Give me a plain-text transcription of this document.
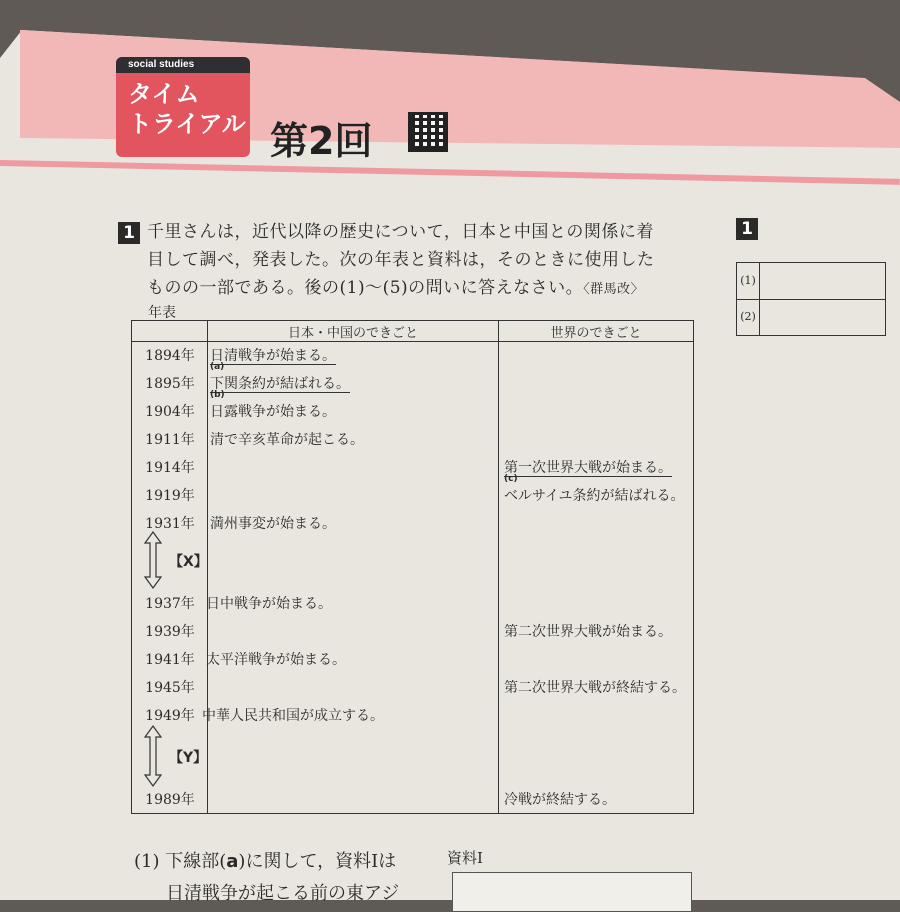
social studies
タイム
トライアル 第2回
1 千里さんは，近代以降の歴史について，日本と中国との関係に着
目して調べ，発表した。次の年表と資料は，そのときに使用した
ものの一部である。後の(1)～(5)の問いに答えなさい。〈群馬改〉
年表
日本・中国のできごと	世界のできごと
1894年
1895年
1904年
1911年
1914年
1919年
1931年
1937年
1939年
1941年
1945年
1949年
1989年
日清戦争が始まる。
(a)
下関条約が結ばれる。
(b)
日露戦争が始まる。
清で辛亥革命が起こる。
満州事変が始まる。
日中戦争が始まる。
太平洋戦争が始まる。
中華人民共和国が成立する。
第一次世界大戦が始まる。
(c)
ベルサイユ条約が結ばれる。
第二次世界大戦が始まる。
第二次世界大戦が終結する。
冷戦が終結する。
【X】
【Y】
1
(1)
(2)
(1) 下線部(a)に関して，資料Ⅰは
日清戦争が起こる前の東アジ
資料Ⅰ
